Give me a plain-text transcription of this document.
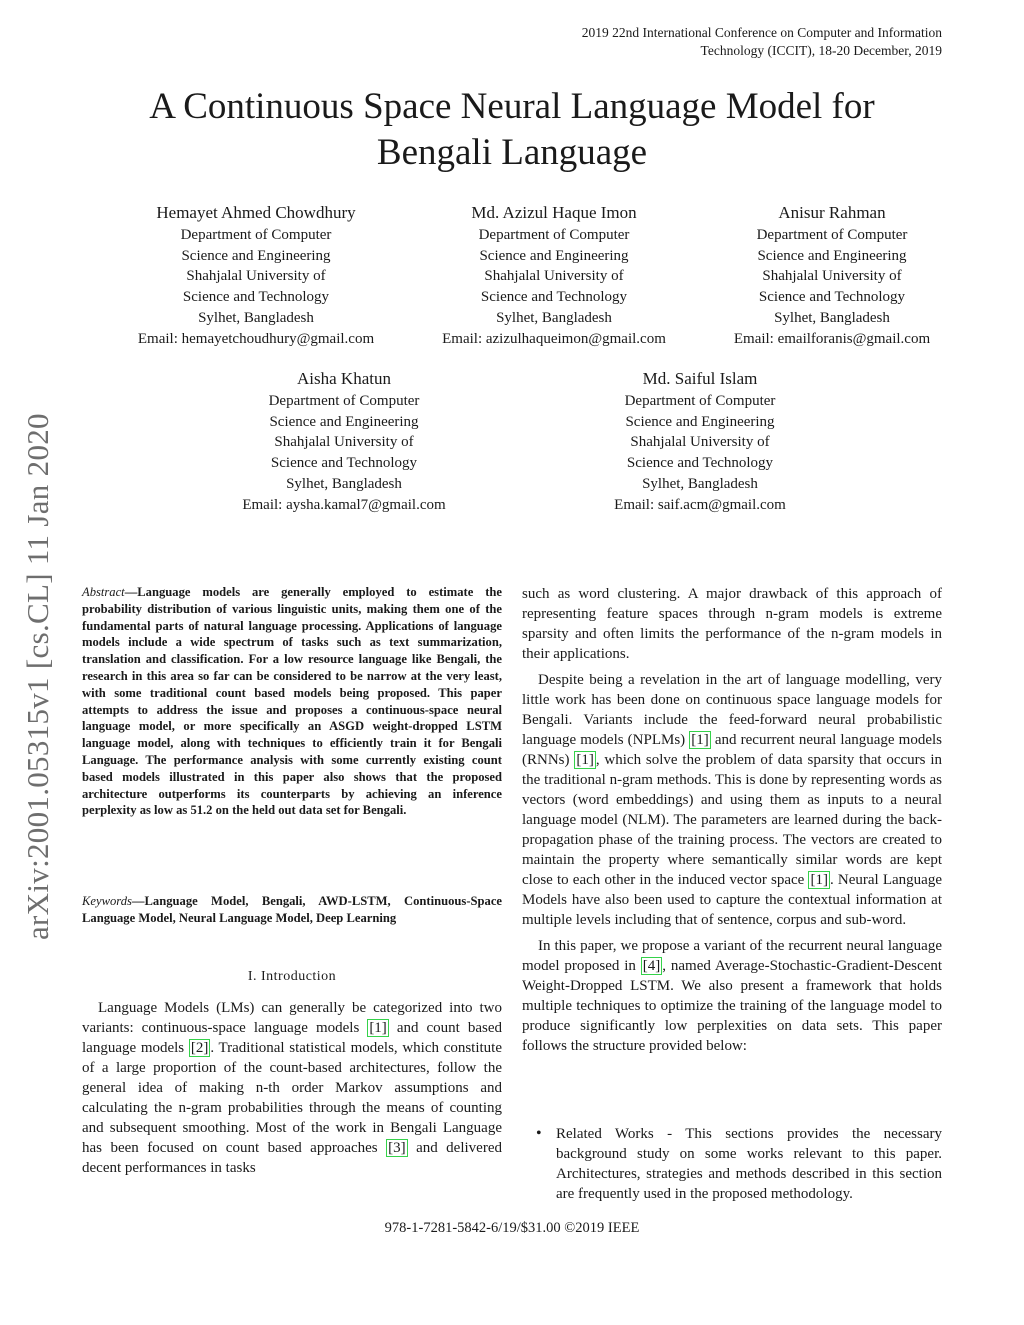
2019 22nd International Conference on Computer and Information
Technology (ICCIT), 18-20 December, 2019
A Continuous Space Neural Language Model for
Bengali Language
Hemayet Ahmed Chowdhury
Department of Computer
Science and Engineering
Shahjalal University of
Science and Technology
Sylhet, Bangladesh
Email: hemayetchoudhury@gmail.com
Md. Azizul Haque Imon
Department of Computer
Science and Engineering
Shahjalal University of
Science and Technology
Sylhet, Bangladesh
Email: azizulhaqueimon@gmail.com
Anisur Rahman
Department of Computer
Science and Engineering
Shahjalal University of
Science and Technology
Sylhet, Bangladesh
Email: emailforanis@gmail.com
Aisha Khatun
Department of Computer
Science and Engineering
Shahjalal University of
Science and Technology
Sylhet, Bangladesh
Email: aysha.kamal7@gmail.com
Md. Saiful Islam
Department of Computer
Science and Engineering
Shahjalal University of
Science and Technology
Sylhet, Bangladesh
Email: saif.acm@gmail.com
arXiv:2001.05315v1 [cs.CL] 11 Jan 2020	Abstract—Language models are generally employed to estimate the probability distribution of various linguistic units, making them one of the fundamental parts of natural language processing. Applications of language models include a wide spectrum of tasks such as text summarization, translation and classification. For a low resource language like Bengali, the research in this area so far can be considered to be narrow at the very least, with some traditional count based models being proposed. This paper attempts to address the issue and proposes a continuous-space neural language model, or more specifically an ASGD weight-dropped LSTM language model, along with techniques to efficiently train it for Bengali Language. The performance analysis with some currently existing count based models illustrated in this paper also shows that the proposed architecture outperforms its counterparts by achieving an inference perplexity as low as 51.2 on the held out data set for Bengali.
Keywords—Language Model, Bengali, AWD-LSTM, Continuous-Space Language Model, Neural Language Model, Deep Learning
I. Introduction

Language Models (LMs) can generally be categorized into two variants: continuous-space language models [1] and count based language models [2] . Traditional statistical models, which constitute of a large proportion of the count-based architectures, follow the general idea of making n-th order Markov assumptions and calculating the n-gram probabilities through the means of counting and subsequent smoothing. Most of the work in Bengali Language has been focused on count based approaches [3] and delivered decent performances in tasks

such as word clustering. A major drawback of this approach of representing feature spaces through n-gram models is extreme sparsity and often limits the performance of the n-gram models in their applications.

Despite being a revelation in the art of language modelling, very little work has been done on continuous space language models for Bengali. Variants include the feed-forward neural probabilistic language models (NPLMs) [1] and recurrent neural language models (RNNs) [1] , which solve the problem of data sparsity that occurs in the traditional n-gram methods. This is done by representing words as vectors (word embeddings) and using them as inputs to a neural language model (NLM). The parameters are learned during the back-propagation phase of the training process. The vectors are created to maintain the property where semantically similar words are kept close to each other in the induced vector space [1] . Neural Language Models have also been used to capture the contextual information at multiple levels including that of sentence, corpus and sub-word.

In this paper, we propose a variant of the recurrent neural language model proposed in [4] , named Average-Stochastic-Gradient-Descent Weight-Dropped LSTM. We also present a framework that holds multiple techniques to optimize the training of the language model to produce significantly low perplexities on data sets. This paper follows the structure provided below:

• Related Works - This sections provides the necessary background study on some works relevant to this paper. Architectures, strategies and methods described in this section are frequently used in the proposed methodology.
978-1-7281-5842-6/19/$31.00 ©2019 IEEE
